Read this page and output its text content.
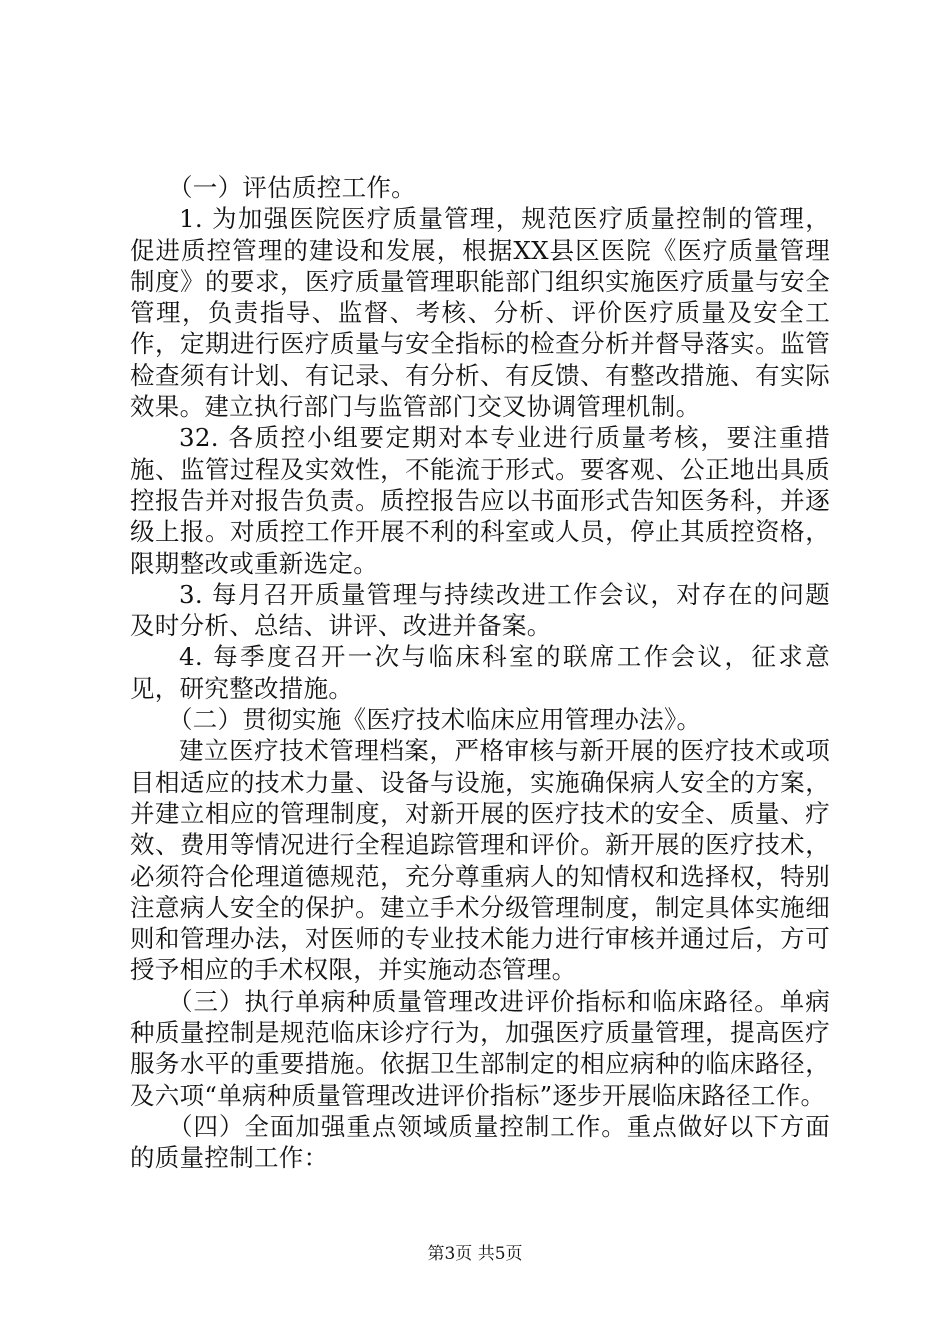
（一）评估质控工作。

1. 为加强医院医疗质量管理，规范医疗质量控制的管理，促进质控管理的建设和发展，根据XX县区医院《医疗质量管理制度》的要求，医疗质量管理职能部门组织实施医疗质量与安全管理，负责指导、监督、考核、分析、评价医疗质量及安全工作，定期进行医疗质量与安全指标的检查分析并督导落实。监管检查须有计划、有记录、有分析、有反馈、有整改措施、有实际效果。建立执行部门与监管部门交叉协调管理机制。

32. 各质控小组要定期对本专业进行质量考核，要注重措施、监管过程及实效性，不能流于形式。要客观、公正地出具质控报告并对报告负责。质控报告应以书面形式告知医务科，并逐级上报。对质控工作开展不利的科室或人员，停止其质控资格，限期整改或重新选定。

3. 每月召开质量管理与持续改进工作会议，对存在的问题及时分析、总结、讲评、改进并备案。

4. 每季度召开一次与临床科室的联席工作会议，征求意见，研究整改措施。

（二）贯彻实施《医疗技术临床应用管理办法》。

建立医疗技术管理档案，严格审核与新开展的医疗技术或项目相适应的技术力量、设备与设施，实施确保病人安全的方案，并建立相应的管理制度，对新开展的医疗技术的安全、质量、疗效、费用等情况进行全程追踪管理和评价。新开展的医疗技术，必须符合伦理道德规范，充分尊重病人的知情权和选择权，特别注意病人安全的保护。建立手术分级管理制度，制定具体实施细则和管理办法，对医师的专业技术能力进行审核并通过后，方可授予相应的手术权限，并实施动态管理。

（三）执行单病种质量管理改进评价指标和临床路径。单病种质量控制是规范临床诊疗行为，加强医疗质量管理，提高医疗服务水平的重要措施。依据卫生部制定的相应病种的临床路径，及六项“单病种质量管理改进评价指标”逐步开展临床路径工作。

（四）全面加强重点领域质量控制工作。重点做好以下方面的质量控制工作：

第3页 共5页
